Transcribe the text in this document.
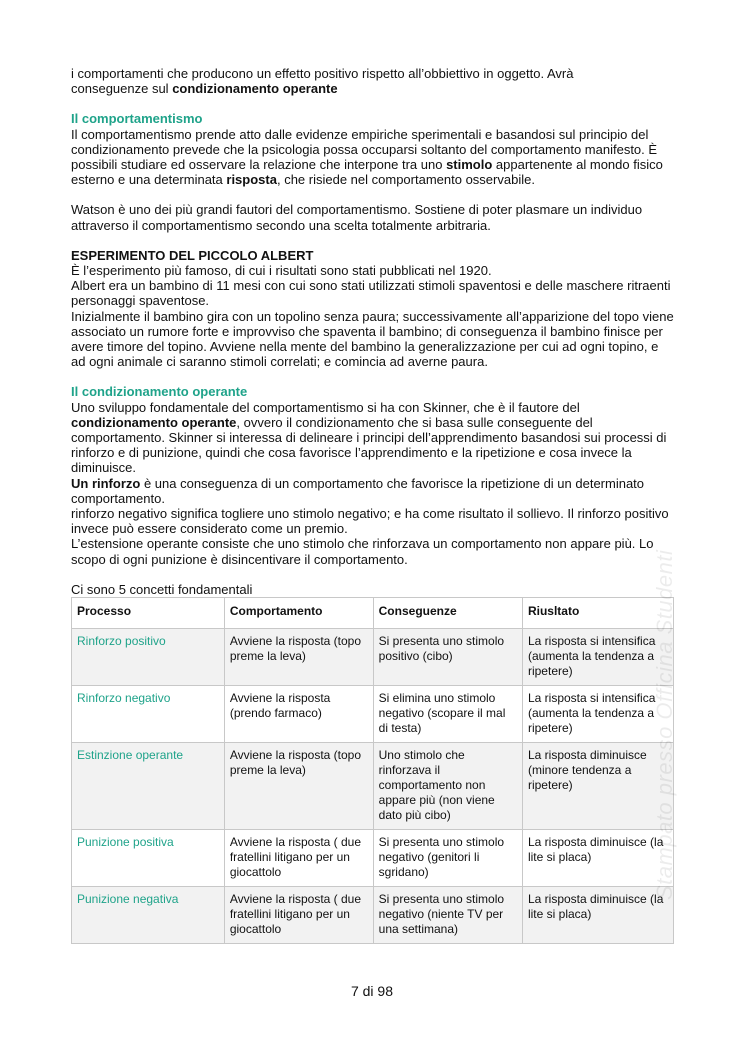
i comportamenti che producono un effetto positivo rispetto all’obbiettivo in oggetto. Avrà

conseguenze sul condizionamento operante

Il comportamentismo

Il comportamentismo prende atto dalle evidenze empiriche sperimentali e basandosi sul principio del condizionamento prevede che la psicologia possa occuparsi soltanto del comportamento manifesto. È possibili studiare ed osservare la relazione che interpone tra uno stimolo appartenente al mondo fisico esterno e una determinata risposta, che risiede nel comportamento osservabile.

Watson è uno dei più grandi fautori del comportamentismo. Sostiene di poter plasmare un individuo attraverso il comportamentismo secondo una scelta totalmente arbitraria.

ESPERIMENTO DEL PICCOLO ALBERT

È l’esperimento più famoso, di cui i risultati sono stati pubblicati nel 1920.

Albert era un bambino di 11 mesi con cui sono stati utilizzati stimoli spaventosi e delle maschere ritraenti personaggi spaventose.

Inizialmente il bambino gira con un topolino senza paura; successivamente all’apparizione del topo viene associato un rumore forte e improvviso che spaventa il bambino; di conseguenza il bambino finisce per avere timore del topino. Avviene nella mente del bambino la generalizzazione per cui ad ogni topino, e ad ogni animale ci saranno stimoli correlati; e comincia ad averne paura.

Il condizionamento operante

Uno sviluppo fondamentale del comportamentismo si ha con Skinner, che è il fautore del condizionamento operante, ovvero il condizionamento che si basa sulle conseguente del comportamento. Skinner si interessa di delineare i principi dell’apprendimento basandosi sui processi di rinforzo e di punizione, quindi che cosa favorisce l’apprendimento e la ripetizione e cosa invece la diminuisce.

Un rinforzo è una conseguenza di un comportamento che favorisce la ripetizione di un determinato comportamento.

rinforzo negativo significa togliere uno stimolo negativo; e ha come risultato il sollievo. Il rinforzo positivo invece può essere considerato come un premio.

L’estensione operante consiste che uno stimolo che rinforzava un comportamento non appare più. Lo scopo di ogni punizione è disincentivare il comportamento.

Ci sono 5 concetti fondamentali

Processo	Comportamento	Conseguenze	Riusltato
Rinforzo positivo	Avviene la risposta (topo preme la leva)	Si presenta uno stimolo positivo (cibo)	La risposta si intensifica (aumenta la tendenza a ripetere)
Rinforzo negativo	Avviene la risposta (prendo farmaco)	Si elimina uno stimolo negativo (scopare il mal di testa)	La risposta si intensifica (aumenta la tendenza a ripetere)
Estinzione operante	Avviene la risposta (topo preme la leva)	Uno stimolo che rinforzava il comportamento non appare più (non viene dato più cibo)	La risposta diminuisce (minore tendenza a ripetere)
Punizione positiva	Avviene la risposta ( due fratellini litigano per un giocattolo	Si presenta uno stimolo negativo (genitori li sgridano)	La risposta diminuisce (la lite si placa)
Punizione negativa	Avviene la risposta ( due fratellini litigano per un giocattolo	Si presenta uno stimolo negativo (niente TV per una settimana)	La risposta diminuisce (la lite si placa)
Stampato presso Officina Studenti
7 di 98
